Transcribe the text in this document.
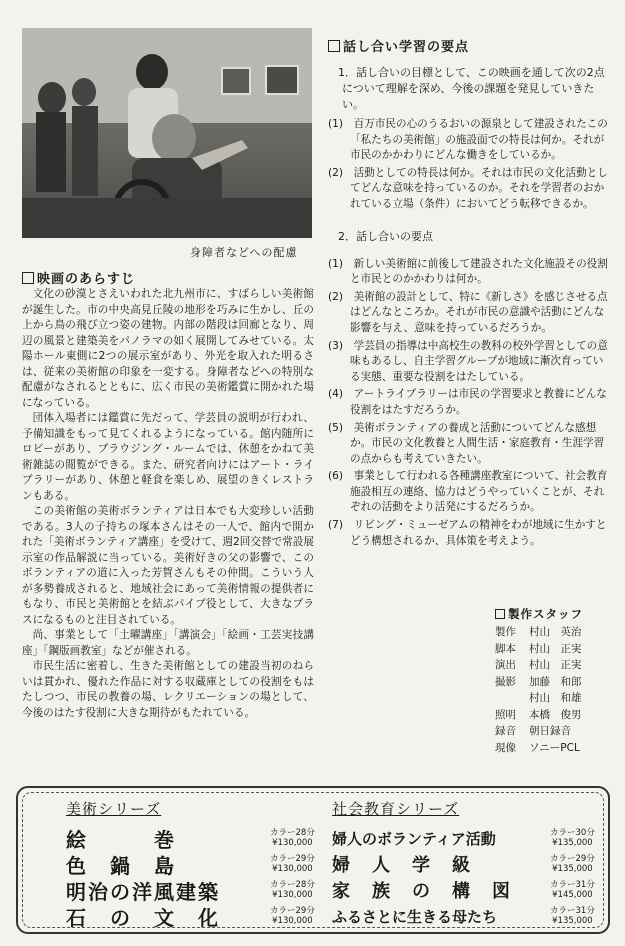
身障者などへの配慮
映画のあらすじ

文化の砂漠とさえいわれた北九州市に、すばらしい美術館が誕生した。市の中央高見丘陵の地形を巧みに生かし、丘の上から鳥の飛び立つ姿の建物。内部の階段は回廊となり、周辺の風景と建築美をパノラマの如く展開してみせている。太陽ホール東側に2つの展示室があり、外光を取入れた明るさは、従来の美術館の印象を一変する。身障者などへの特別な配慮がなされるとともに、広く市民の美術鑑賞に開かれた場になっている。

団体入場者には鑑賞に先だって、学芸員の説明が行われ、予備知識をもって見てくれるようになっている。館内随所にロビーがあり、ブラウジング・ルームでは、休憩をかねて美術雑誌の閲覧ができる。また、研究者向けにはアート・ライブラリーがあり、休憩と軽食を楽しめ、展望のきくレストランもある。

この美術館の美術ボランティアは日本でも大変珍しい活動である。3人の子持ちの塚本さんはその一人で、館内で開かれた「美術ボランティア講座」を受けて、週2回交替で常設展示室の作品解説に当っている。美術好きの父の影響で、このボランティアの道に入った芳賀さんもその仲間。こういう人が多勢養成されると、地域社会にあって美術情報の提供者にもなり、市民と美術館とを結ぶパイプ役として、大きなプラスになるものと注目されている。

尚、事業として「土曜講座」「講演会」「絵画・工芸実技講座」「鋼版画教室」などが催される。

市民生活に密着し、生きた美術館としての建設当初のねらいは貫かれ、優れた作品に対する収蔵庫としての役割をもはたしつつ、市民の教養の場、レクリエーションの場として、今後のはたす役割に大きな期待がもたれている。

話し合い学習の要点

1．話し合いの目標として、この映画を通して次の2点について理解を深め、今後の課題を発見していきたい。

(1)　百万市民の心のうるおいの源泉として建設されたこの「私たちの美術館」の施設面での特長は何か。それが市民のかかわりにどんな働きをしているか。

(2)　活動としての特長は何か。それは市民の文化活動としてどんな意味を持っているのか。それを学習者のおかれている立場（条件）においてどう転移できるか。

2．話し合いの要点

(1)　新しい美術館に前後して建設された文化施設その役割と市民とのかかわりは何か。

(2)　美術館の設計として、特に《新しさ》を感じさせる点はどんなところか。それが市民の意識や活動にどんな影響を与え、意味を持っているだろうか。

(3)　学芸員の指導は中高校生の教科の校外学習としての意味もあるし、自主学習グループが地域に漸次育っている実態、重要な役割をはたしている。

(4)　アートライブラリーは市民の学習要求と教養にどんな役割をはたすだろうか。

(5)　美術ボランティアの養成と活動についてどんな感想か。市民の文化教養と人間生活・家庭教育・生涯学習の点からも考えていきたい。

(6)　事業として行われる各種講座教室について、社会教育施設相互の連絡、協力はどうやっていくことが、それぞれの活動をより活発にするだろうか。

(7)　リビング・ミューゼアムの精神をわが地域に生かすとどう構想されるか、具体策を考えよう。

製作スタッフ
製作	村山　英治
脚本	村山　正実
演出	村山　正実
撮影	加藤　和郎
村山　和雄
照明	本橋　俊男
録音	朝日録音
現像	ソニーPCL
美術シリーズ
絵　　　巻	カラー28分
¥130,000
色　鍋　島	カラー29分
¥130,000
明治の洋風建築	カラー28分
¥130,000
石　の　文　化	カラー29分
¥130,000
社会教育シリーズ
婦人のボランティア活動	カラー30分
¥135,000
婦　人　学　級	カラー29分
¥135,000
家　族　の　構　図	カラー31分
¥145,000
ふるさとに生きる母たち	カラー31分
¥135,000
